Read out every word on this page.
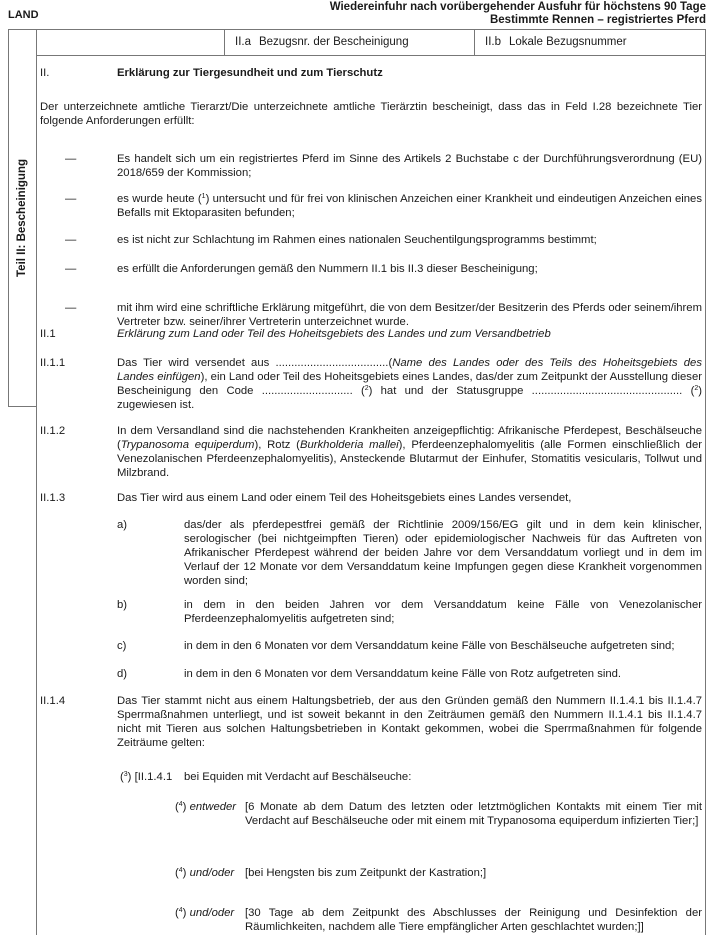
LAND
Wiedereinfuhr nach vorübergehender Ausfuhr für höchstens 90 Tage
Bestimmte Rennen – registriertes Pferd
Teil II: Bescheinigung
II.a Bezugsnr. der Bescheinigung	II.b Lokale Bezugsnummer
II.	Erklärung zur Tiergesundheit und zum Tierschutz
Der unterzeichnete amtliche Tierarzt/Die unterzeichnete amtliche Tierärztin bescheinigt, dass das in Feld I.28 bezeichnete Tier folgende Anforderungen erfüllt:
—	Es handelt sich um ein registriertes Pferd im Sinne des Artikels 2 Buchstabe c der Durchführungsverordnung (EU) 2018/659 der Kommission;
—	es wurde heute ($^1$) untersucht und für frei von klinischen Anzeichen einer Krankheit und eindeutigen Anzeichen eines Befalls mit Ektoparasiten befunden;
—	es ist nicht zur Schlachtung im Rahmen eines nationalen Seuchentilgungsprogramms bestimmt;
—	es erfüllt die Anforderungen gemäß den Nummern II.1 bis II.3 dieser Bescheinigung;
—	mit ihm wird eine schriftliche Erklärung mitgeführt, die von dem Besitzer/der Besitzerin des Pferds oder seinem/ihrem Vertreter bzw. seiner/ihrer Vertreterin unterzeichnet wurde.
II.1	Erklärung zum Land oder Teil des Hoheitsgebiets des Landes und zum Versandbetrieb
II.1.1	Das Tier wird versendet aus ....................................(Name des Landes oder des Teils des Hoheitsgebiets des Landes einfügen), ein Land oder Teil des Hoheitsgebiets eines Landes, das/der zum Zeitpunkt der Ausstellung dieser Bescheinigung den Code ............................. ($^2$) hat und der Statusgruppe ................................................ ($^2$) zugewiesen ist.
II.1.2	In dem Versandland sind die nachstehenden Krankheiten anzeigepflichtig: Afrikanische Pferdepest, Beschälseuche (Trypanosoma equiperdum), Rotz (Burkholderia mallei), Pferdeenzephalomyelitis (alle Formen einschließlich der Venezolanischen Pferdeenzephalomyelitis), Ansteckende Blutarmut der Einhufer, Stomatitis vesicularis, Tollwut und Milzbrand.
II.1.3	Das Tier wird aus einem Land oder einem Teil des Hoheitsgebiets eines Landes versendet,
a)	das/der als pferdepestfrei gemäß der Richtlinie 2009/156/EG gilt und in dem kein klinischer, serologischer (bei nichtgeimpften Tieren) oder epidemiologischer Nachweis für das Auftreten von Afrikanischer Pferdepest während der beiden Jahre vor dem Versanddatum vorliegt und in dem im Verlauf der 12 Monate vor dem Versanddatum keine Impfungen gegen diese Krankheit vorgenommen worden sind;
b)	in dem in den beiden Jahren vor dem Versanddatum keine Fälle von Venezolanischer Pferdeenzephalomyelitis aufgetreten sind;
c)	in dem in den 6 Monaten vor dem Versanddatum keine Fälle von Beschälseuche aufgetreten sind;
d)	in dem in den 6 Monaten vor dem Versanddatum keine Fälle von Rotz aufgetreten sind.
II.1.4	Das Tier stammt nicht aus einem Haltungsbetrieb, der aus den Gründen gemäß den Nummern II.1.4.1 bis II.1.4.7 Sperrmaßnahmen unterliegt, und ist soweit bekannt in den Zeiträumen gemäß den Nummern II.1.4.1 bis II.1.4.7 nicht mit Tieren aus solchen Haltungsbetrieben in Kontakt gekommen, wobei die Sperrmaßnahmen für folgende Zeiträume gelten:
($^3$) [II.1.4.1 bei Equiden mit Verdacht auf Beschälseuche:
($^4$) entweder [6 Monate ab dem Datum des letzten oder letztmöglichen Kontakts mit einem Tier mit Verdacht auf Beschälseuche oder mit einem mit Trypanosoma equiperdum infizierten Tier;]
($^4$) und/oder [bei Hengsten bis zum Zeitpunkt der Kastration;]
($^4$) und/oder [30 Tage ab dem Zeitpunkt des Abschlusses der Reinigung und Desinfektion der Räumlichkeiten, nachdem alle Tiere empfänglicher Arten geschlachtet wurden;]]
